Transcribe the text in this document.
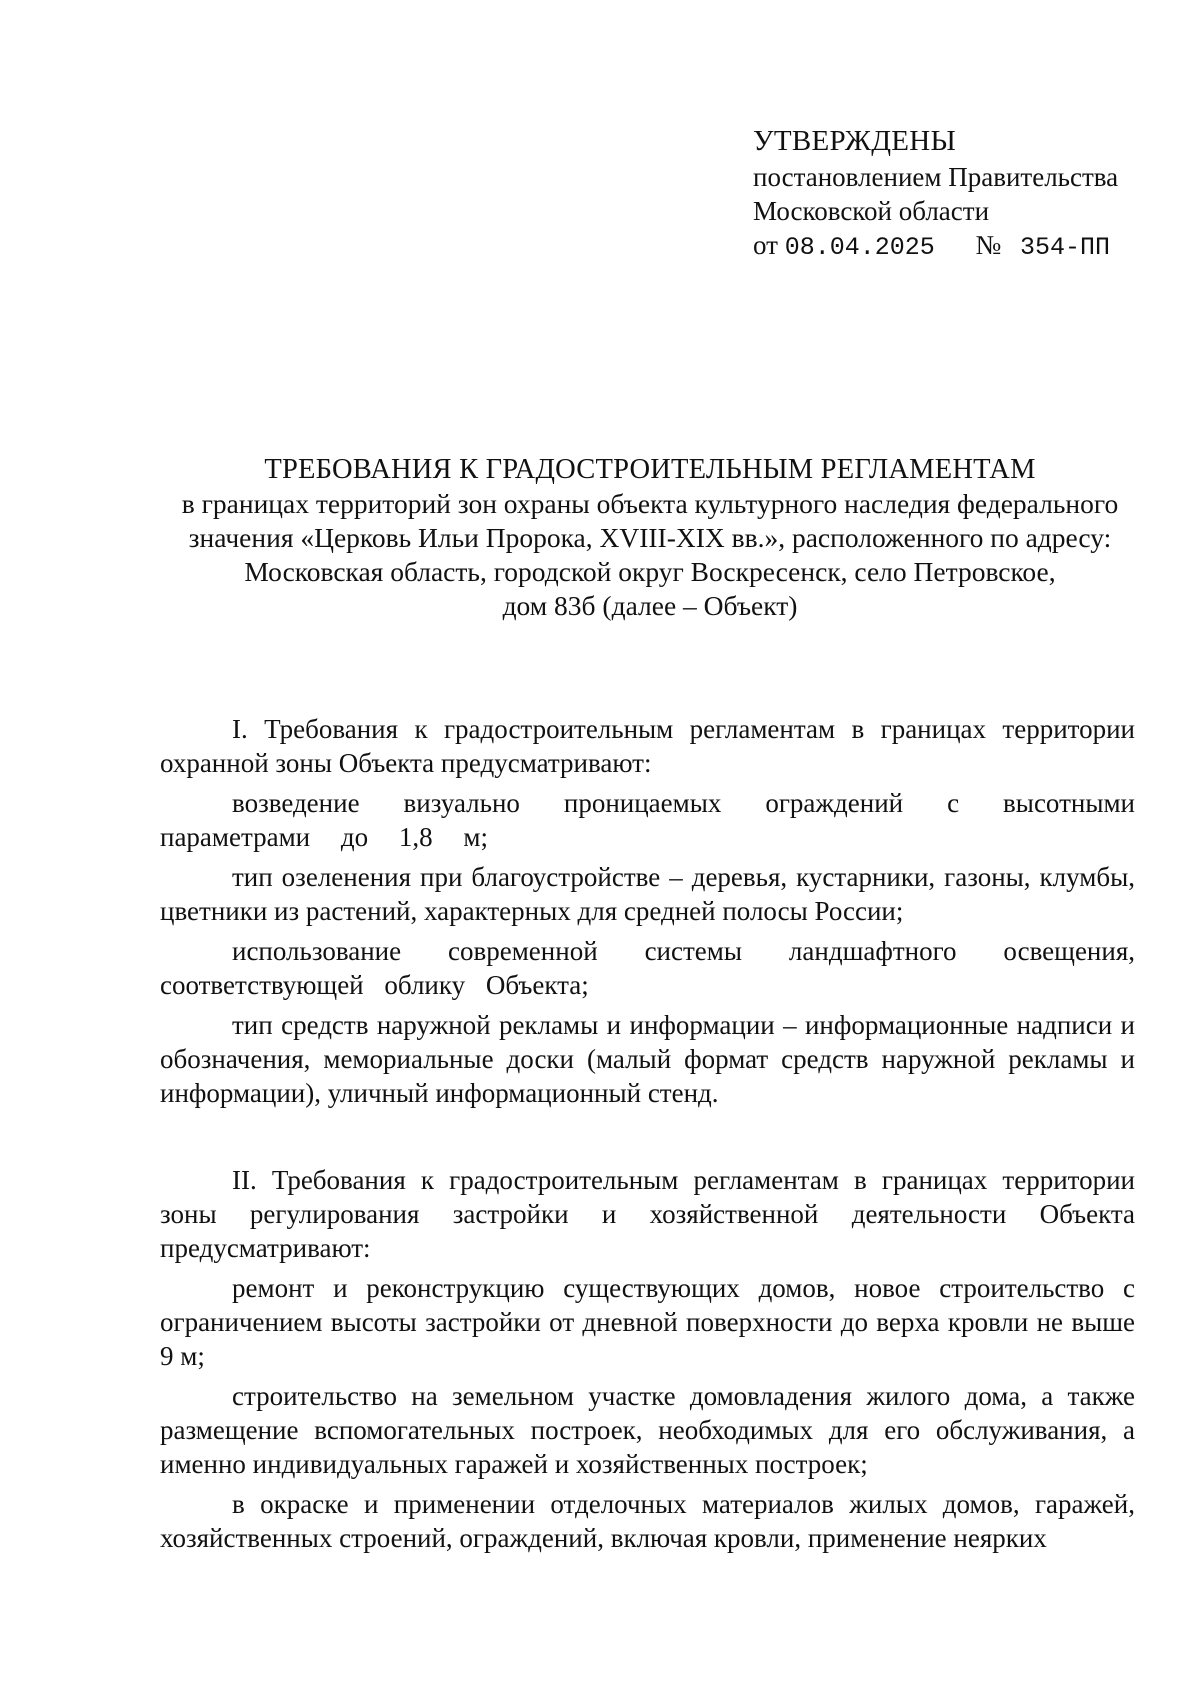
УТВЕРЖДЕНЫ
постановлением Правительства
Московской области
от 08.04.2025 № 354-ПП
ТРЕБОВАНИЯ К ГРАДОСТРОИТЕЛЬНЫМ РЕГЛАМЕНТАМ
в границах территорий зон охраны объекта культурного наследия федерального
значения «Церковь Ильи Пророка, XVIII-XIX вв.», расположенного по адресу:
Московская область, городской округ Воскресенск, село Петровское,
дом 83б (далее – Объект)

I. Требования к градостроительным регламентам в границах территории охранной зоны Объекта предусматривают:

возведение визуально проницаемых ограждений с высотными параметрами до 1,8 м;

тип озеленения при благоустройстве – деревья, кустарники, газоны, клумбы, цветники из растений, характерных для средней полосы России;

использование современной системы ландшафтного освещения, соответствующей облику Объекта;

тип средств наружной рекламы и информации – информационные надписи и обозначения, мемориальные доски (малый формат средств наружной рекламы и информации), уличный информационный стенд.

II. Требования к градостроительным регламентам в границах территории зоны регулирования застройки и хозяйственной деятельности Объекта предусматривают:

ремонт и реконструкцию существующих домов, новое строительство с ограничением высоты застройки от дневной поверхности до верха кровли не выше 9 м;

строительство на земельном участке домовладения жилого дома, а также размещение вспомогательных построек, необходимых для его обслуживания, а именно индивидуальных гаражей и хозяйственных построек;

в окраске и применении отделочных материалов жилых домов, гаражей, хозяйственных строений, ограждений, включая кровли, применение неярких
